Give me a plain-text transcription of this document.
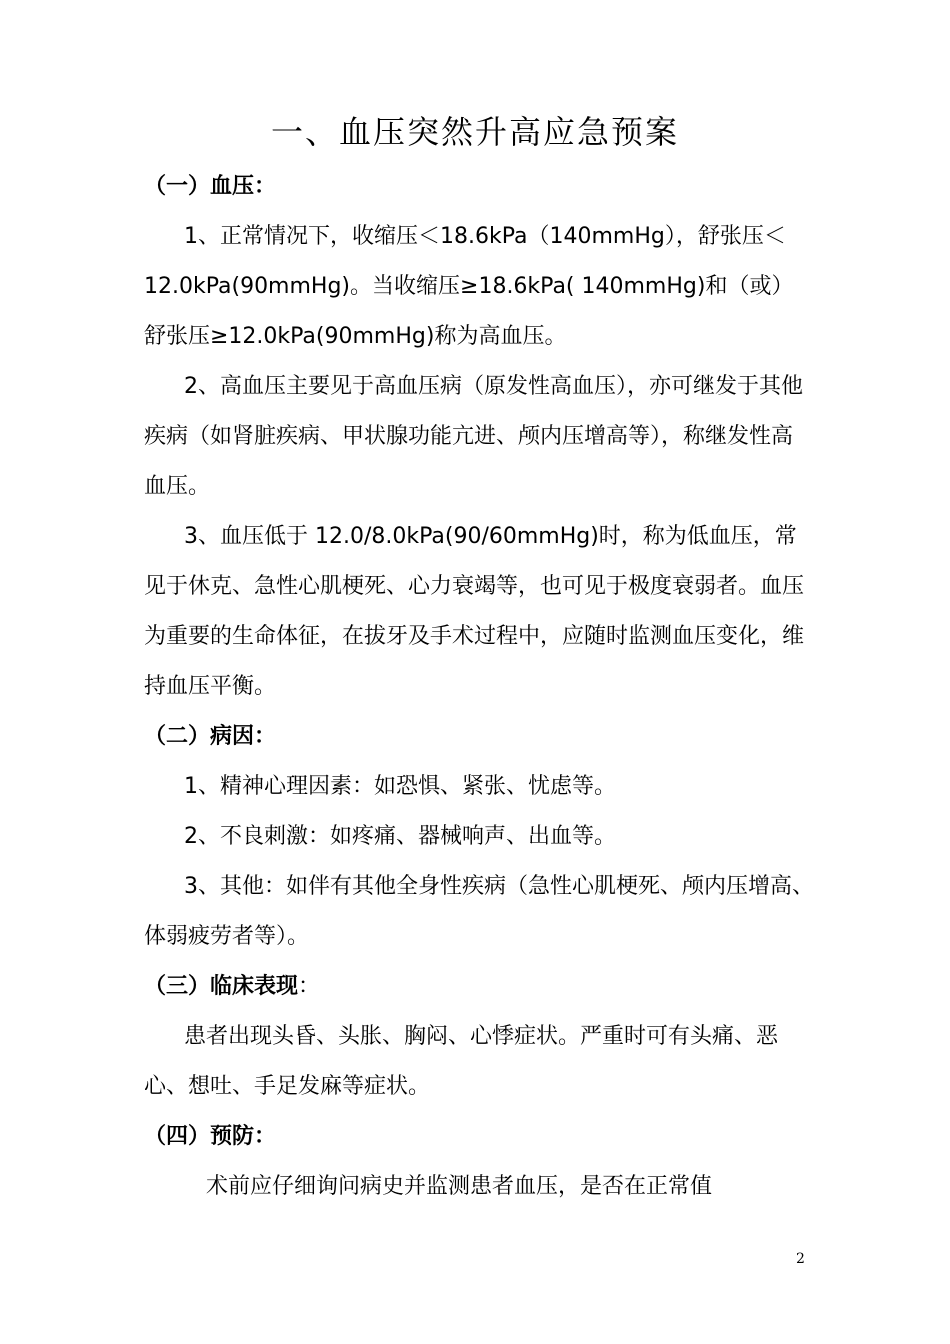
一、血压突然升高应急预案
（一）血压：
1、正常情况下，收缩压＜18.6kPa（140mmHg），舒张压＜12.0kPa(90mmHg)。当收缩压≥18.6kPa( 140mmHg)和（或）舒张压≥12.0kPa(90mmHg)称为高血压。
2、高血压主要见于高血压病（原发性高血压），亦可继发于其他疾病（如肾脏疾病、甲状腺功能亢进、颅内压增高等），称继发性高血压。
3、血压低于 12.0/8.0kPa(90/60mmHg)时，称为低血压，常见于休克、急性心肌梗死、心力衰竭等，也可见于极度衰弱者。血压为重要的生命体征，在拔牙及手术过程中，应随时监测血压变化，维持血压平衡。
（二）病因：
1、精神心理因素：如恐惧、紧张、忧虑等。
2、不良刺激：如疼痛、器械响声、出血等。
3、其他：如伴有其他全身性疾病（急性心肌梗死、颅内压增高、体弱疲劳者等）。
（三）临床表现：
患者出现头昏、头胀、胸闷、心悸症状。严重时可有头痛、恶心、想吐、手足发麻等症状。
（四）预防：
术前应仔细询问病史并监测患者血压，是否在正常值
2
